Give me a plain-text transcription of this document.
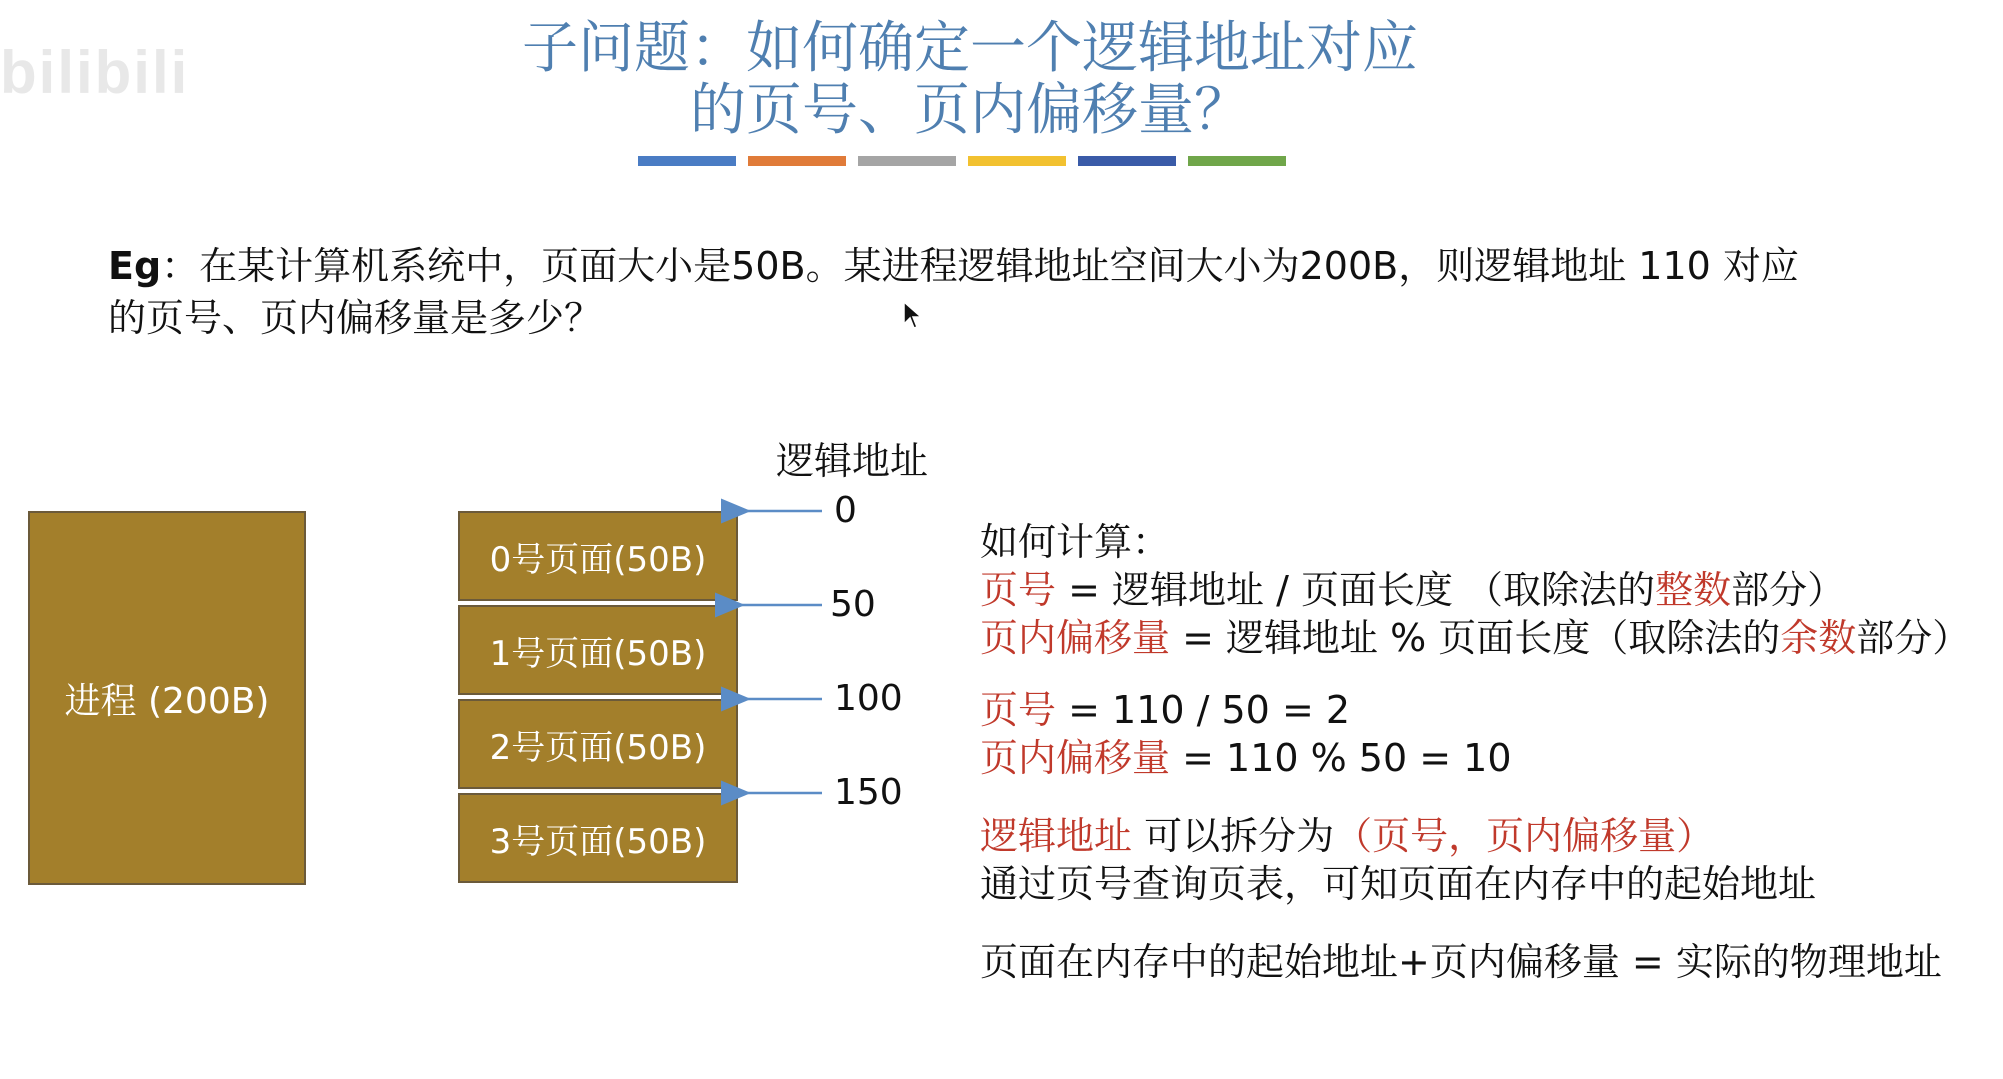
bilibili	子问题：如何确定一个逻辑地址对应
的页号、页内偏移量？
Eg：在某计算机系统中，页面大小是50B。某进程逻辑地址空间大小为200B，则逻辑地址 110 对应
的页号、页内偏移量是多少？
进程 (200B)
0号页面(50B)
1号页面(50B)
2号页面(50B)
3号页面(50B)
逻辑地址
0
50
100
150
如何计算：
页号 = 逻辑地址 / 页面长度 （取除法的整数部分）
页内偏移量 = 逻辑地址 % 页面长度（取除法的余数部分）
页号 = 110 / 50 = 2
页内偏移量 = 110 % 50 = 10
逻辑地址 可以拆分为（页号，页内偏移量）
通过页号查询页表，可知页面在内存中的起始地址
页面在内存中的起始地址+页内偏移量 = 实际的物理地址
